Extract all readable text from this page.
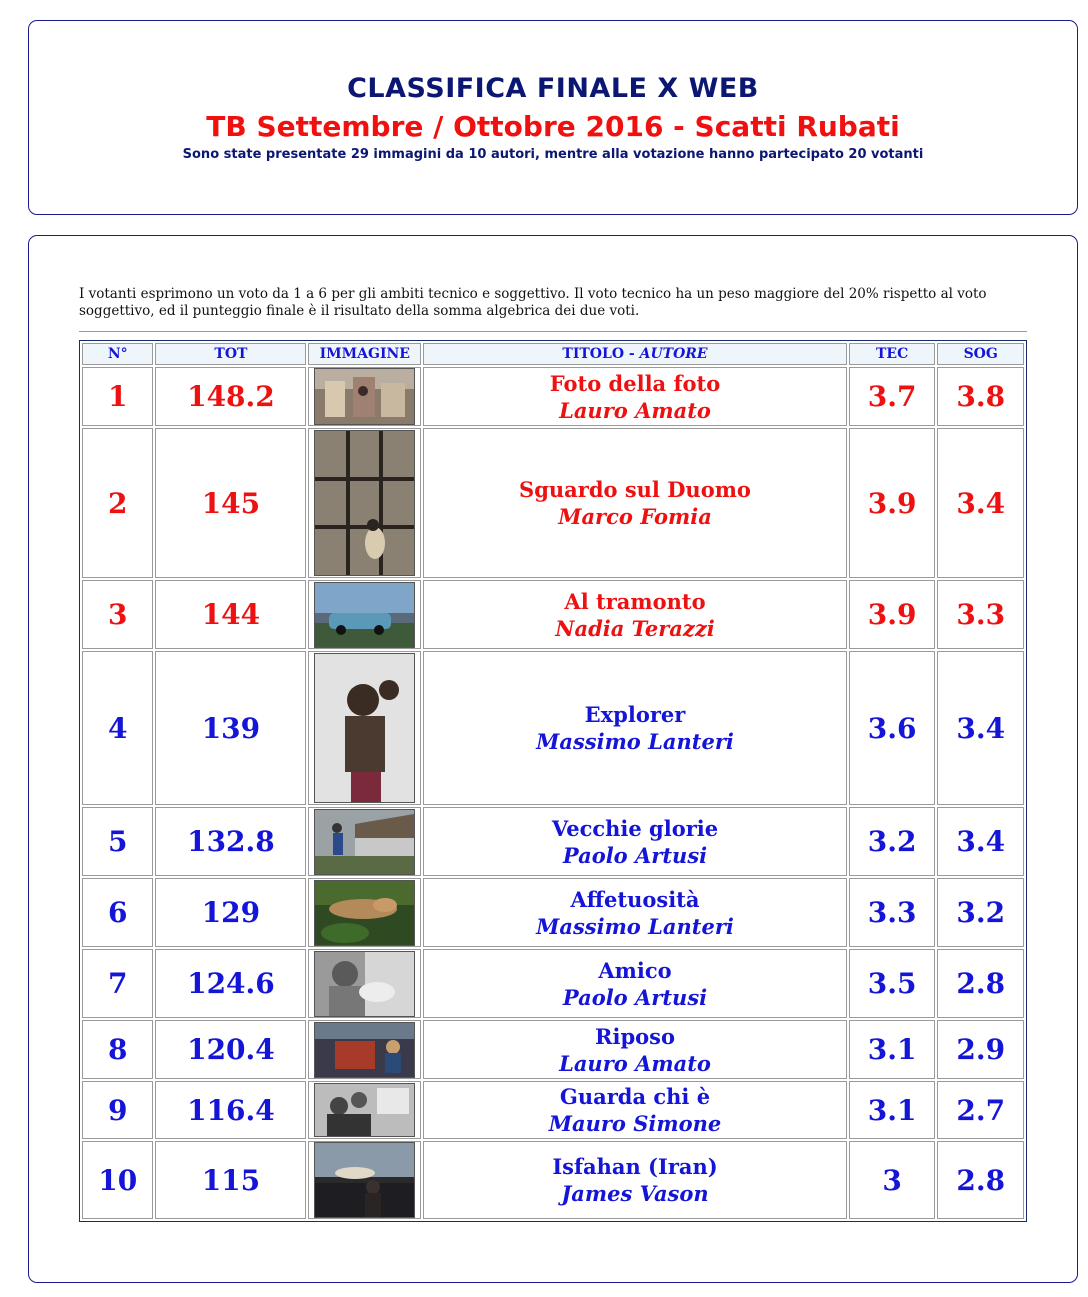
CLASSIFICA FINALE X WEB
TB Settembre / Ottobre 2016 - Scatti Rubati
Sono state presentate 29 immagini da 10 autori, mentre alla votazione hanno partecipato 20 votanti

I votanti esprimono un voto da 1 a 6 per gli ambiti tecnico e soggettivo. Il voto tecnico ha un peso maggiore del 20% rispetto al voto soggettivo, ed il punteggio finale è il risultato della somma algebrica dei due voti.

N°	TOT	IMMAGINE	TITOLO - AUTORE	TEC	SOG
1	148.2		Foto della foto
Lauro Amato	3.7	3.8
2	145		Sguardo sul Duomo
Marco Fomia	3.9	3.4
3	144		Al tramonto
Nadia Terazzi	3.9	3.3
4	139		Explorer
Massimo Lanteri	3.6	3.4
5	132.8		Vecchie glorie
Paolo Artusi	3.2	3.4
6	129		Affetuosità
Massimo Lanteri	3.3	3.2
7	124.6		Amico
Paolo Artusi	3.5	2.8
8	120.4		Riposo
Lauro Amato	3.1	2.9
9	116.4		Guarda chi è
Mauro Simone	3.1	2.7
10	115		Isfahan (Iran)
James Vason	3	2.8
